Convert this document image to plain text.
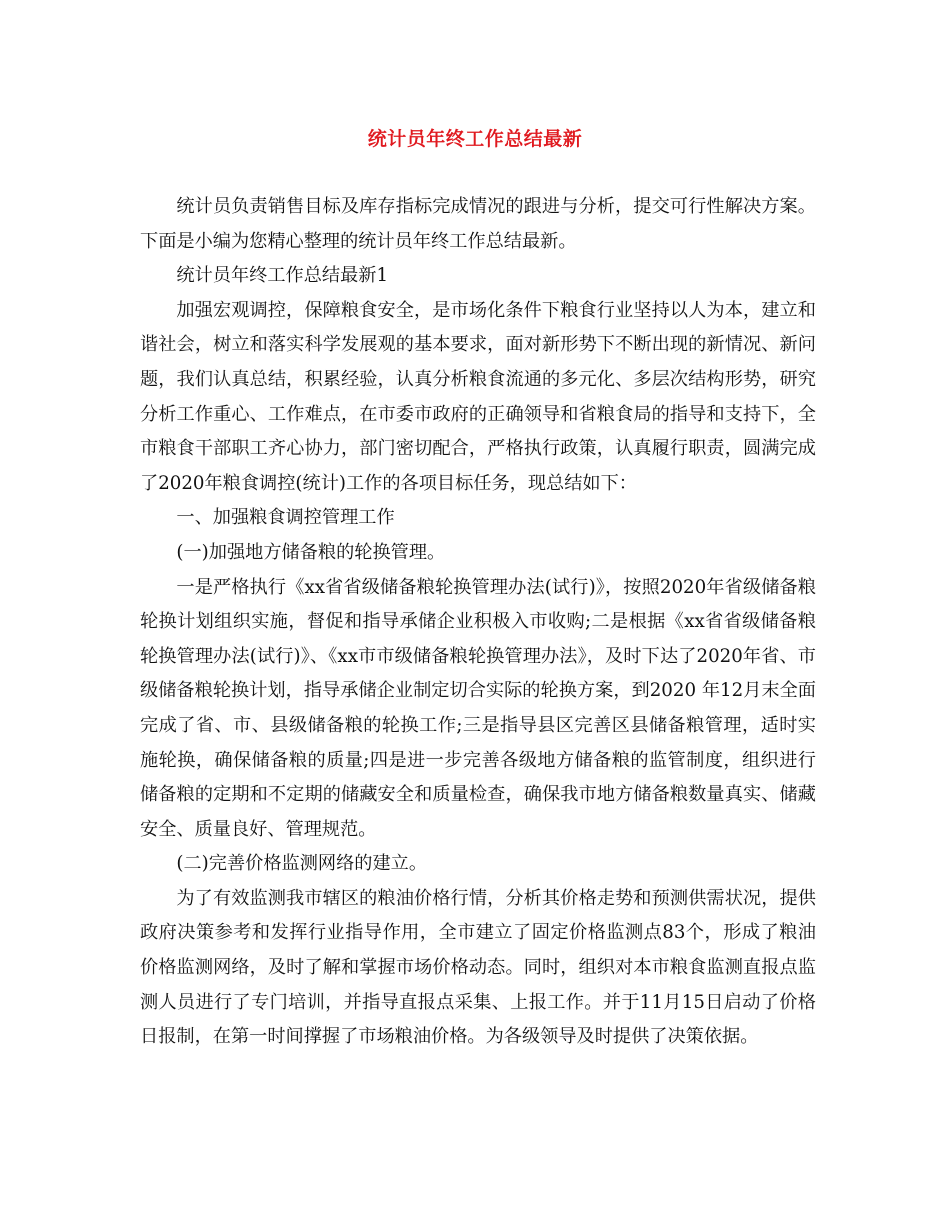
统计员年终工作总结最新

统计员负责销售目标及库存指标完成情况的跟进与分析，提交可行性解决方案。下面是小编为您精心整理的统计员年终工作总结最新。

统计员年终工作总结最新1

加强宏观调控，保障粮食安全，是市场化条件下粮食行业坚持以人为本，建立和谐社会，树立和落实科学发展观的基本要求，面对新形势下不断出现的新情况、新问题，我们认真总结，积累经验，认真分析粮食流通的多元化、多层次结构形势，研究分析工作重心、工作难点，在市委市政府的正确领导和省粮食局的指导和支持下，全市粮食干部职工齐心协力，部门密切配合，严格执行政策，认真履行职责，圆满完成了2020年粮食调控(统计)工作的各项目标任务，现总结如下：

一、加强粮食调控管理工作

(一)加强地方储备粮的轮换管理。

一是严格执行《xx省省级储备粮轮换管理办法(试行)》，按照2020年省级储备粮轮换计划组织实施，督促和指导承储企业积极入市收购;二是根据《xx省省级储备粮轮换管理办法(试行)》、《xx市市级储备粮轮换管理办法》，及时下达了2020年省、市级储备粮轮换计划，指导承储企业制定切合实际的轮换方案，到2020 年12月末全面完成了省、市、县级储备粮的轮换工作;三是指导县区完善区县储备粮管理，适时实施轮换，确保储备粮的质量;四是进一步完善各级地方储备粮的监管制度，组织进行储备粮的定期和不定期的储藏安全和质量检查，确保我市地方储备粮数量真实、储藏安全、质量良好、管理规范。

(二)完善价格监测网络的建立。

为了有效监测我市辖区的粮油价格行情，分析其价格走势和预测供需状况，提供政府决策参考和发挥行业指导作用，全市建立了固定价格监测点83个，形成了粮油价格监测网络，及时了解和掌握市场价格动态。同时，组织对本市粮食监测直报点监测人员进行了专门培训，并指导直报点采集、上报工作。并于11月15日启动了价格日报制，在第一时间撑握了市场粮油价格。为各级领导及时提供了决策依据。
